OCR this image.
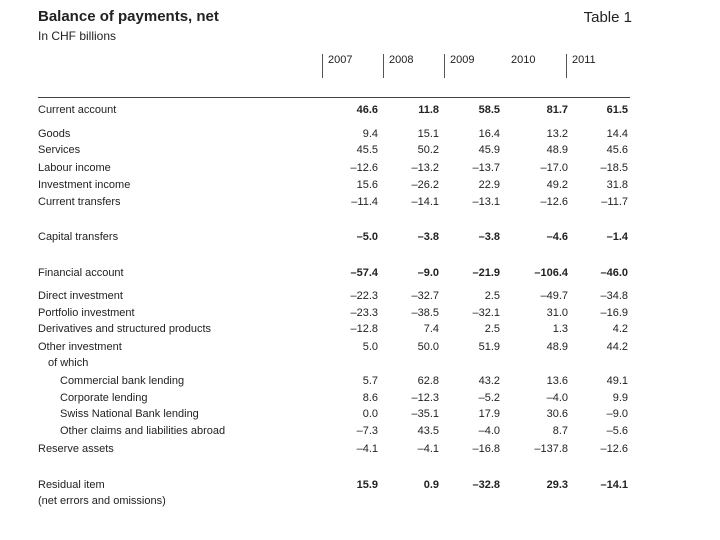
Balance of payments, net
In CHF billions
Table 1
2007	2008	2009	2010	2011
Current account	46.6	11.8	58.5	81.7	61.5
Goods	9.4	15.1	16.4	13.2	14.4
Services	45.5	50.2	45.9	48.9	45.6
Labour income	–12.6	–13.2	–13.7	–17.0	–18.5
Investment income	15.6	–26.2	22.9	49.2	31.8
Current transfers	–11.4	–14.1	–13.1	–12.6	–11.7
Capital transfers	–5.0	–3.8	–3.8	–4.6	–1.4
Financial account	–57.4	–9.0	–21.9	–106.4	–46.0
Direct investment	–22.3	–32.7	2.5	–49.7	–34.8
Portfolio investment	–23.3	–38.5	–32.1	31.0	–16.9
Derivatives and structured products	–12.8	7.4	2.5	1.3	4.2
Other investment	5.0	50.0	51.9	48.9	44.2
of which
Commercial bank lending	5.7	62.8	43.2	13.6	49.1
Corporate lending	8.6	–12.3	–5.2	–4.0	9.9
Swiss National Bank lending	0.0	–35.1	17.9	30.6	–9.0
Other claims and liabilities abroad	–7.3	43.5	–4.0	8.7	–5.6
Reserve assets	–4.1	–4.1	–16.8	–137.8	–12.6
Residual item	15.9	0.9	–32.8	29.3	–14.1
(net errors and omissions)
